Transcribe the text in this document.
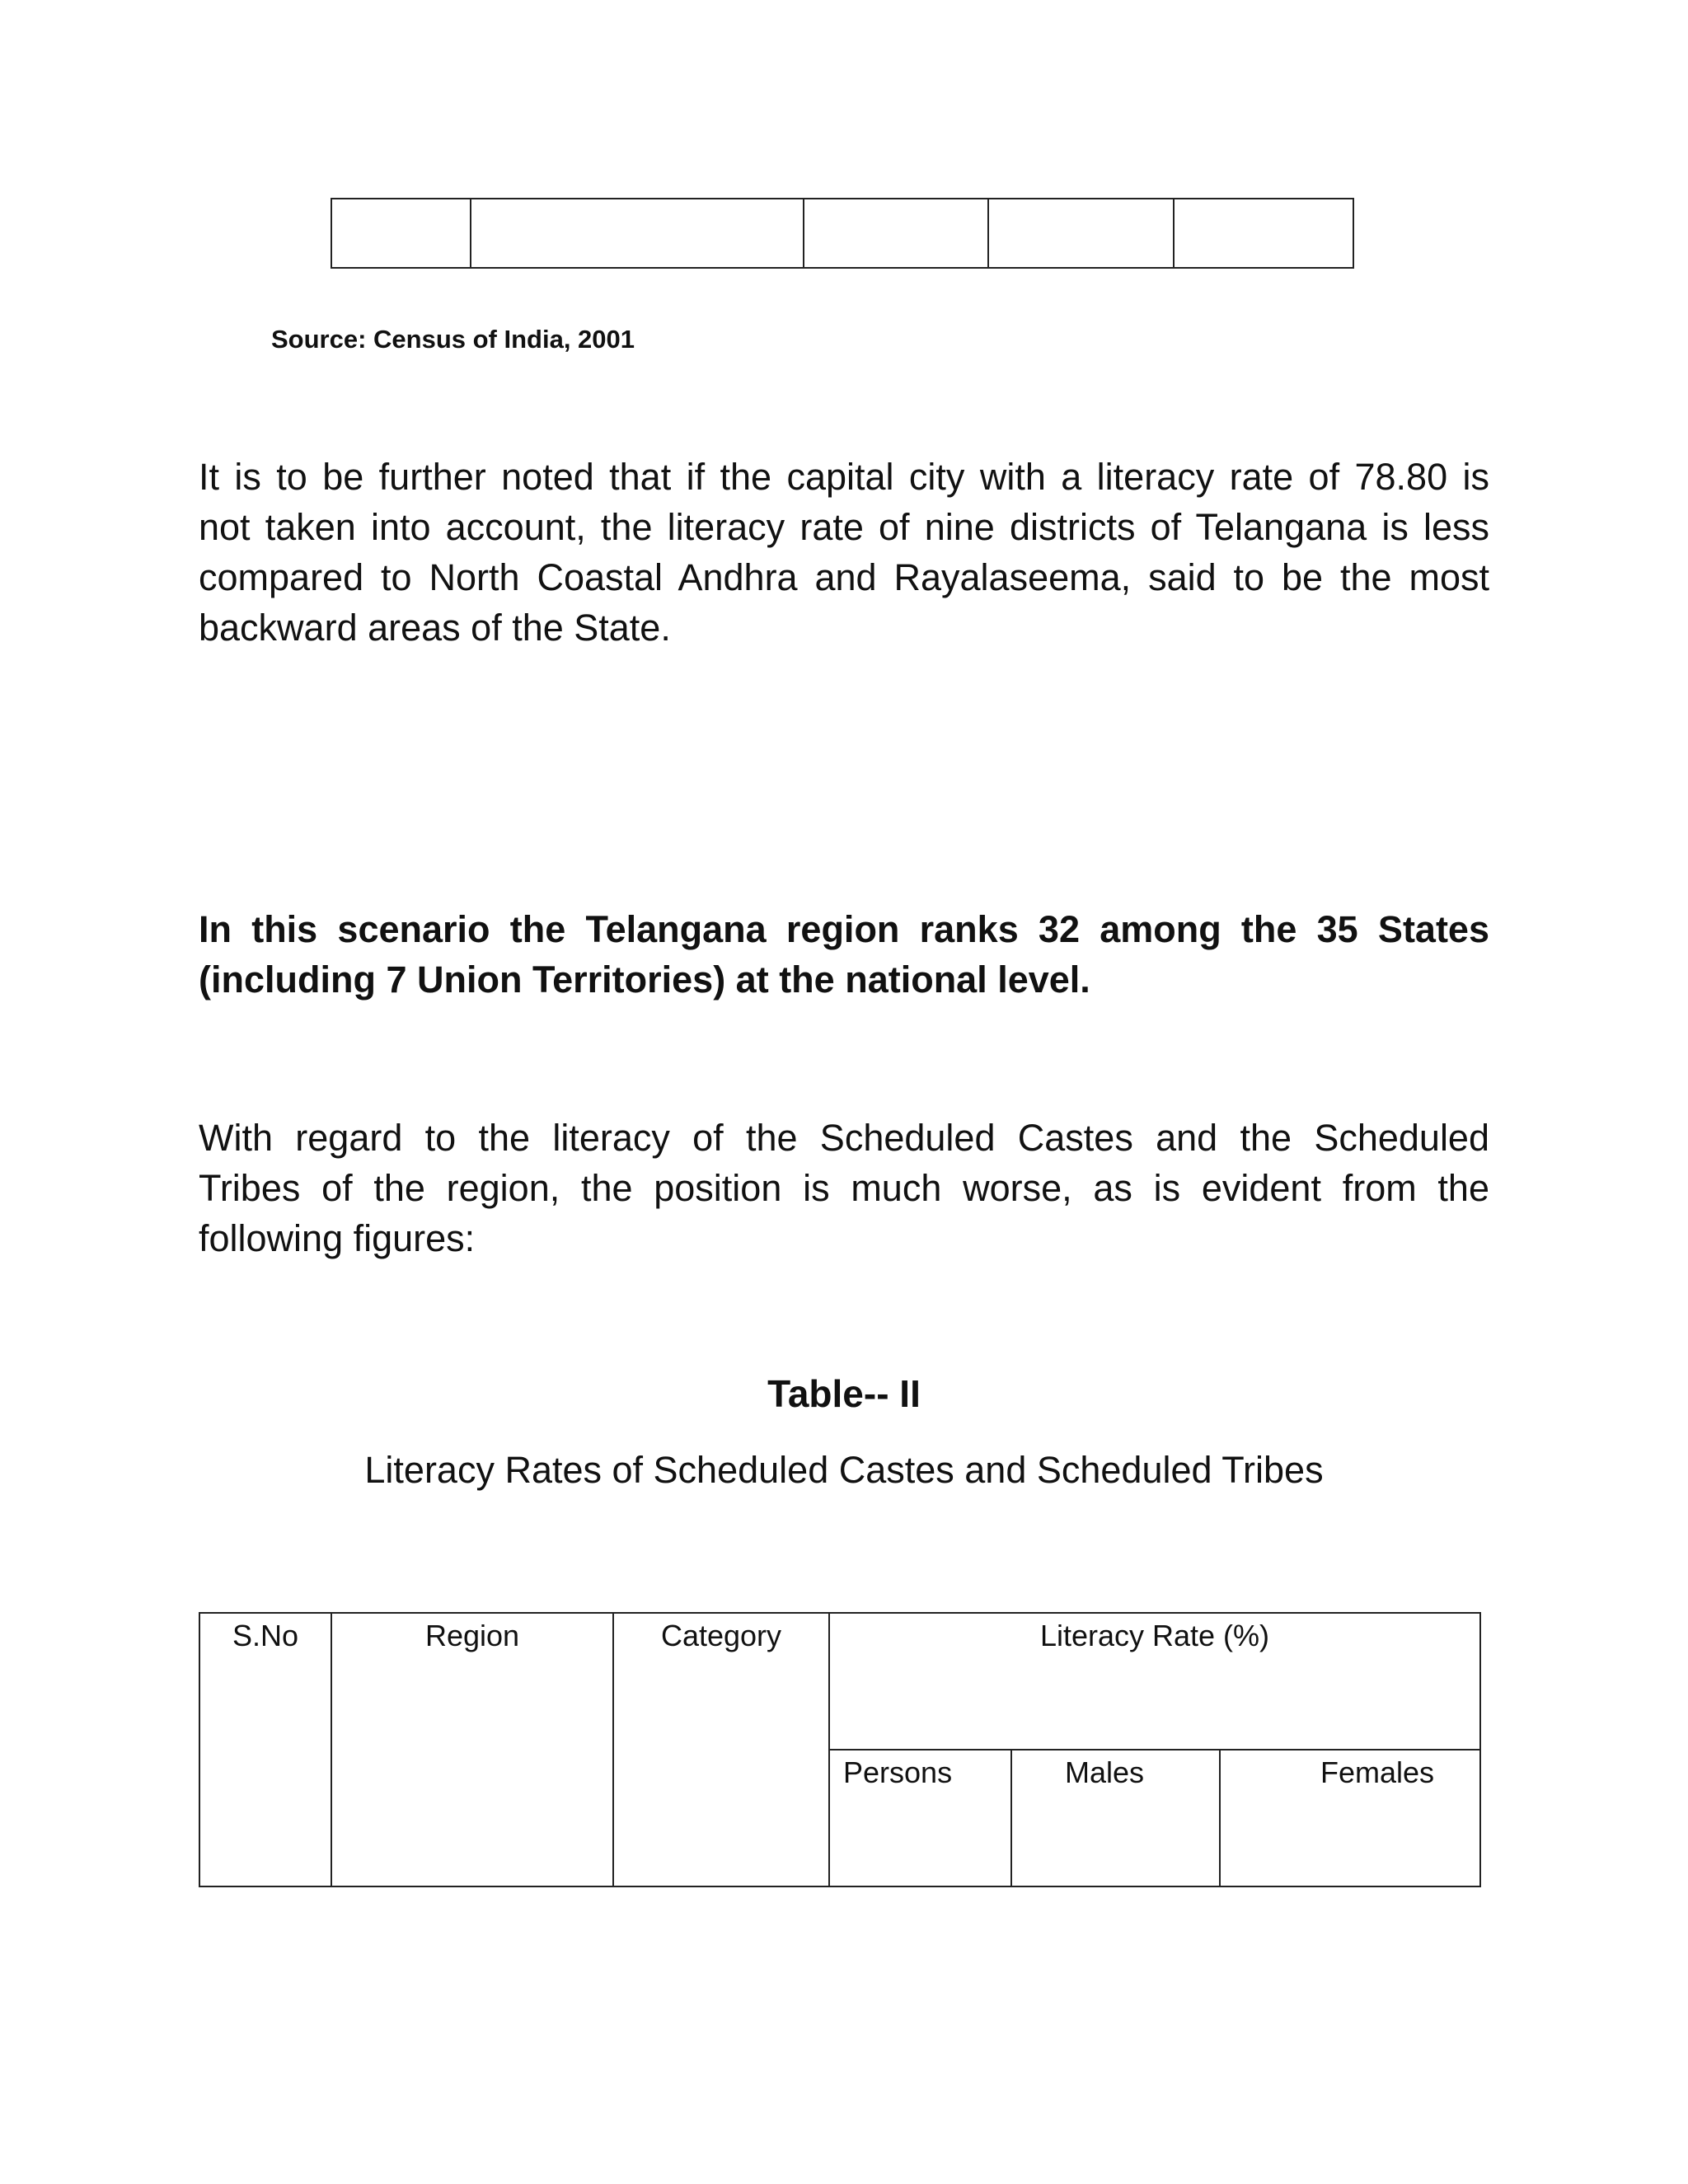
Source: Census of India, 2001
It is to be further noted that if the capital city with a literacy rate of 78.80 is
not taken into account, the literacy rate of nine districts of Telangana is less
compared to North Coastal Andhra and Rayalaseema, said to be the most
backward areas of the State.
In this scenario the Telangana region ranks 32 among the 35 States
(including 7 Union Territories) at the national level.
With regard to the literacy of the Scheduled Castes and the Scheduled
Tribes of the region, the position is much worse, as is evident from the
following figures:
Table-- II
Literacy Rates of Scheduled Castes and Scheduled Tribes
S.No	Region	Category	Literacy Rate (%)		
			Persons	Males	Females
